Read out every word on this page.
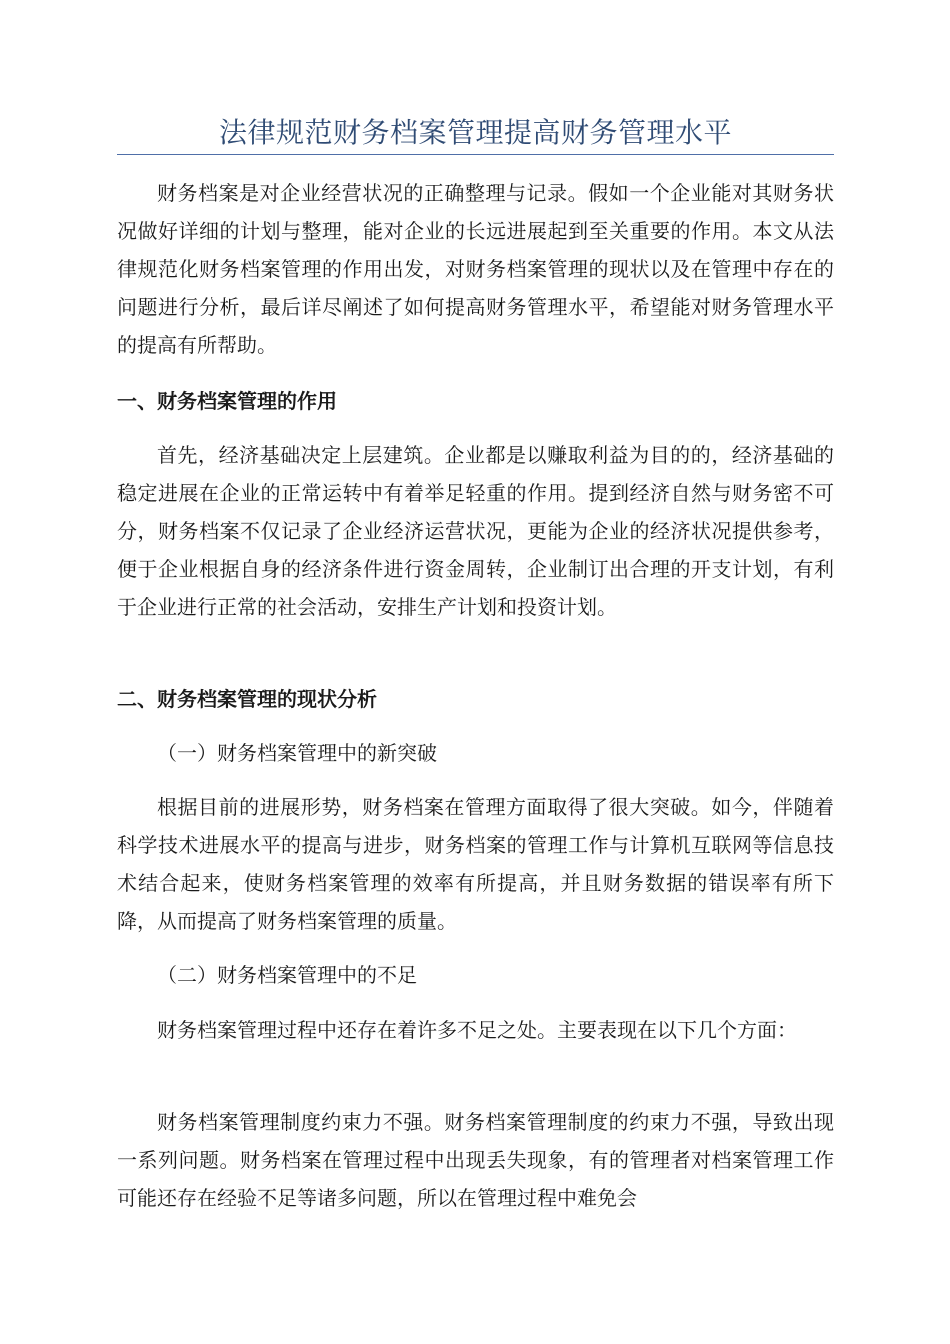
法律规范财务档案管理提高财务管理水平

财务档案是对企业经营状况的正确整理与记录。假如一个企业能对其财务状况做好详细的计划与整理，能对企业的长远进展起到至关重要的作用。本文从法律规范化财务档案管理的作用出发，对财务档案管理的现状以及在管理中存在的问题进行分析，最后详尽阐述了如何提高财务管理水平，希望能对财务管理水平的提高有所帮助。

一、财务档案管理的作用

首先，经济基础决定上层建筑。企业都是以赚取利益为目的的，经济基础的稳定进展在企业的正常运转中有着举足轻重的作用。提到经济自然与财务密不可分，财务档案不仅记录了企业经济运营状况，更能为企业的经济状况提供参考，便于企业根据自身的经济条件进行资金周转，企业制订出合理的开支计划，有利于企业进行正常的社会活动，安排生产计划和投资计划。

二、财务档案管理的现状分析

（一）财务档案管理中的新突破

根据目前的进展形势，财务档案在管理方面取得了很大突破。如今，伴随着科学技术进展水平的提高与进步，财务档案的管理工作与计算机互联网等信息技术结合起来，使财务档案管理的效率有所提高，并且财务数据的错误率有所下降，从而提高了财务档案管理的质量。

（二）财务档案管理中的不足

财务档案管理过程中还存在着许多不足之处。主要表现在以下几个方面：

财务档案管理制度约束力不强。财务档案管理制度的约束力不强，导致出现一系列问题。财务档案在管理过程中出现丢失现象，有的管理者对档案管理工作可能还存在经验不足等诸多问题，所以在管理过程中难免会
